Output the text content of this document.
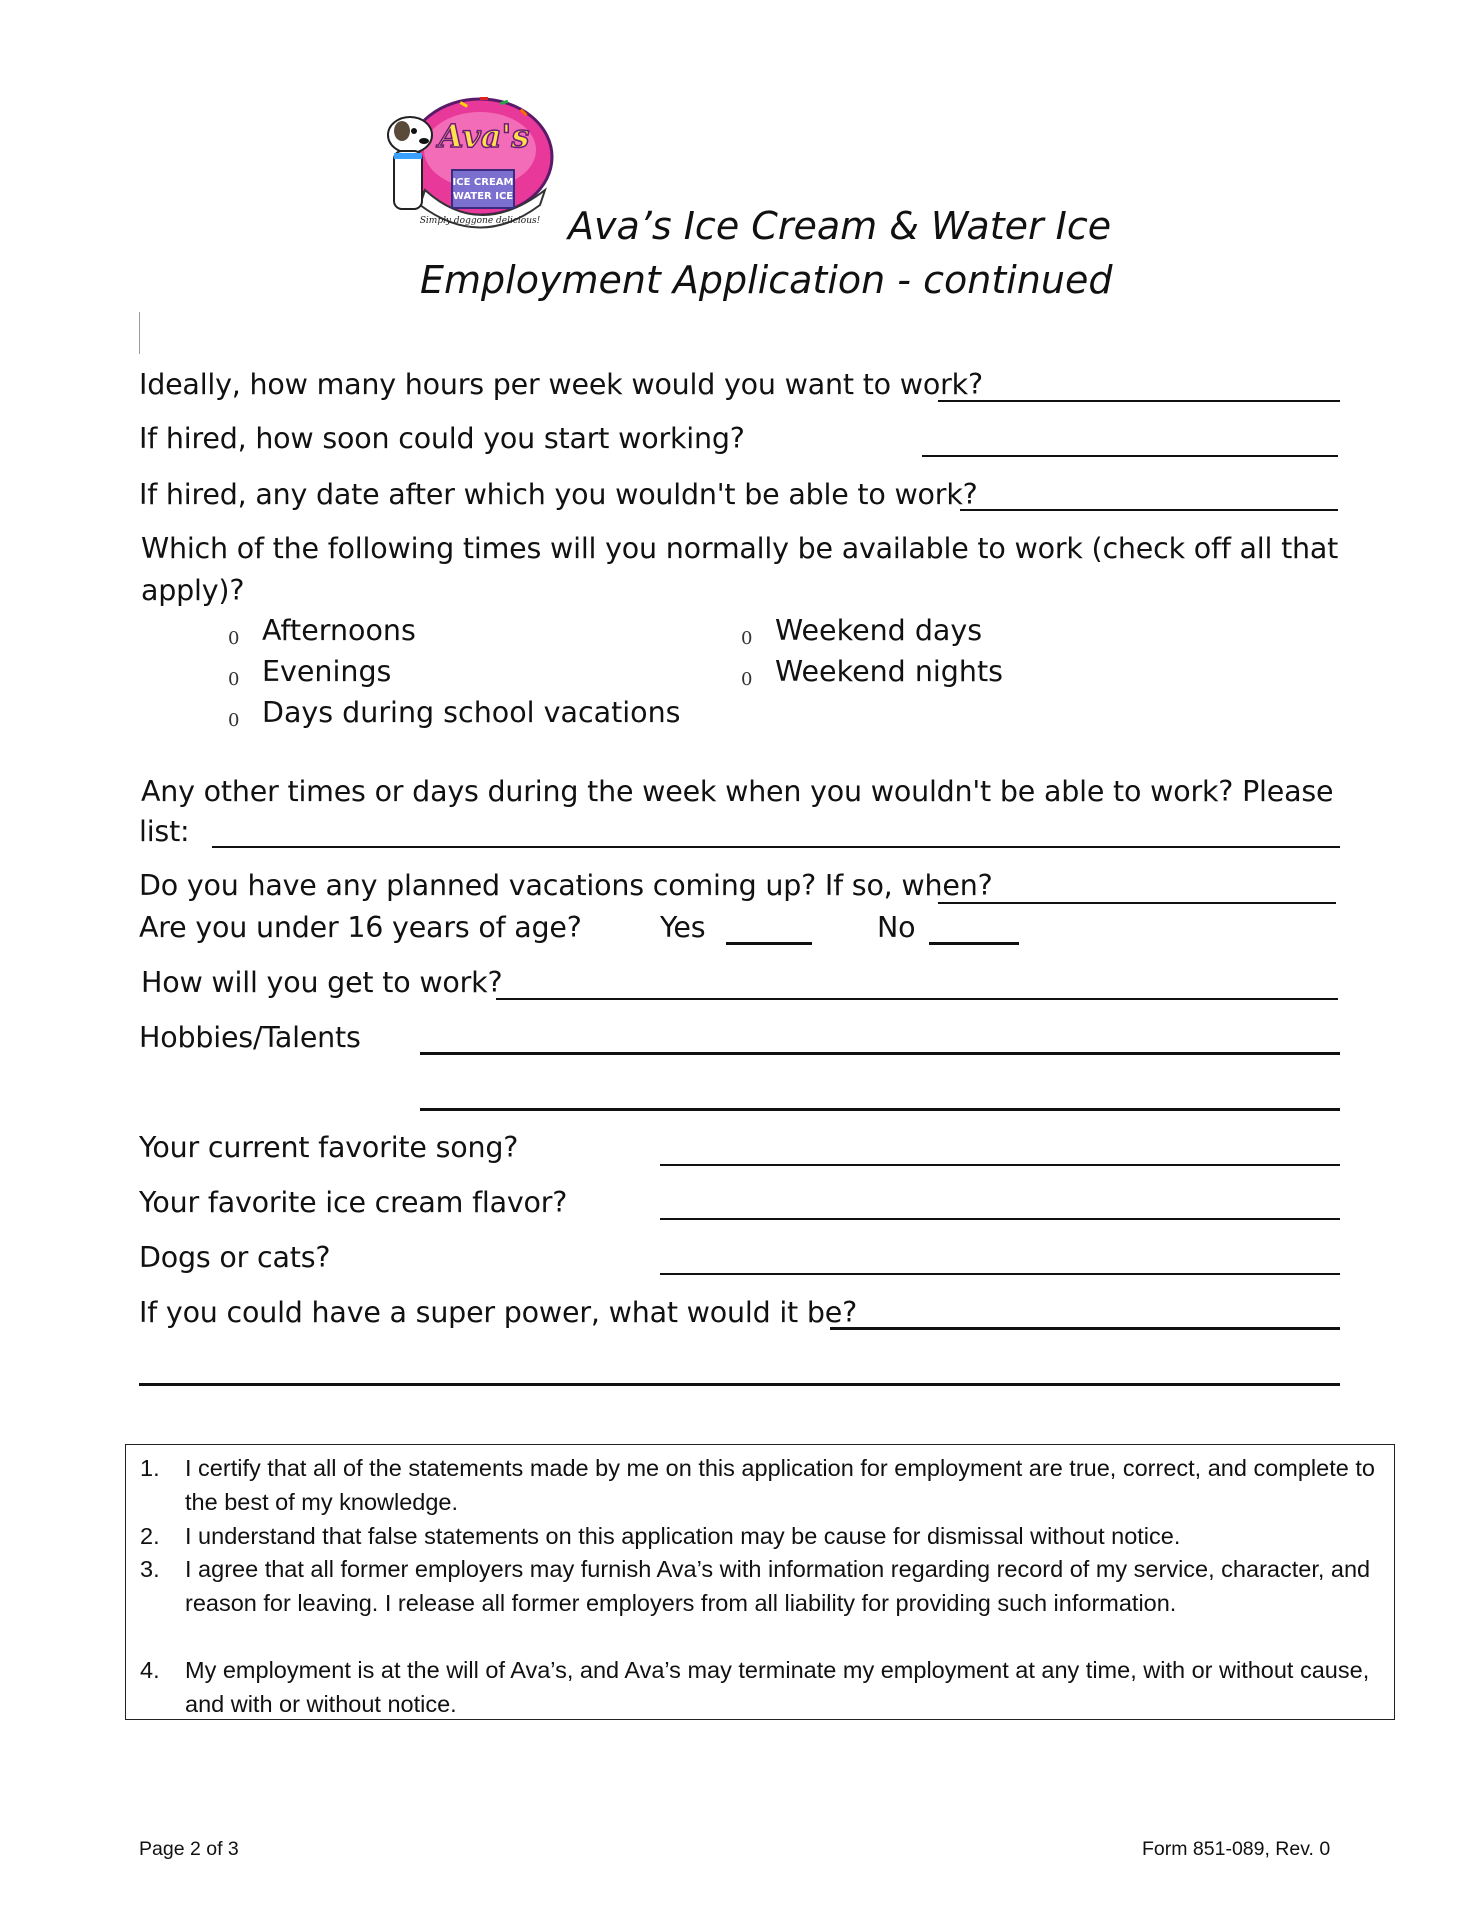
Ava's
ICE CREAM
WATER ICE
Simply doggone delicious! Ava’s Ice Cream & Water Ice
Employment Application - continued
Ideally, how many hours per week would you want to work?
If hired, how soon could you start working?
If hired, any date after which you wouldn't be able to work?
Which of the following times will you normally be available to work (check off all that
apply)?
0 Afternoons
0 Evenings
0 Days during school vacations
0 Weekend days
0 Weekend nights
Any other times or days during the week when you wouldn't be able to work? Please
list:
Do you have any planned vacations coming up? If so, when?
Are you under 16 years of age?	Yes	No
How will you get to work?
Hobbies/Talents
Your current favorite song?
Your favorite ice cream flavor?
Dogs or cats?
If you could have a super power, what would it be?
1. I certify that all of the statements made by me on this application for employment are true, correct, and complete to the best of my knowledge.
2. I understand that false statements on this application may be cause for dismissal without notice.
3. I agree that all former employers may furnish Ava’s with information regarding record of my service, character, and reason for leaving. I release all former employers from all liability for providing such information.
4. My employment is at the will of Ava’s, and Ava’s may terminate my employment at any time, with or without cause, and with or without notice.
Page 2 of 3	Form 851-089, Rev. 0
